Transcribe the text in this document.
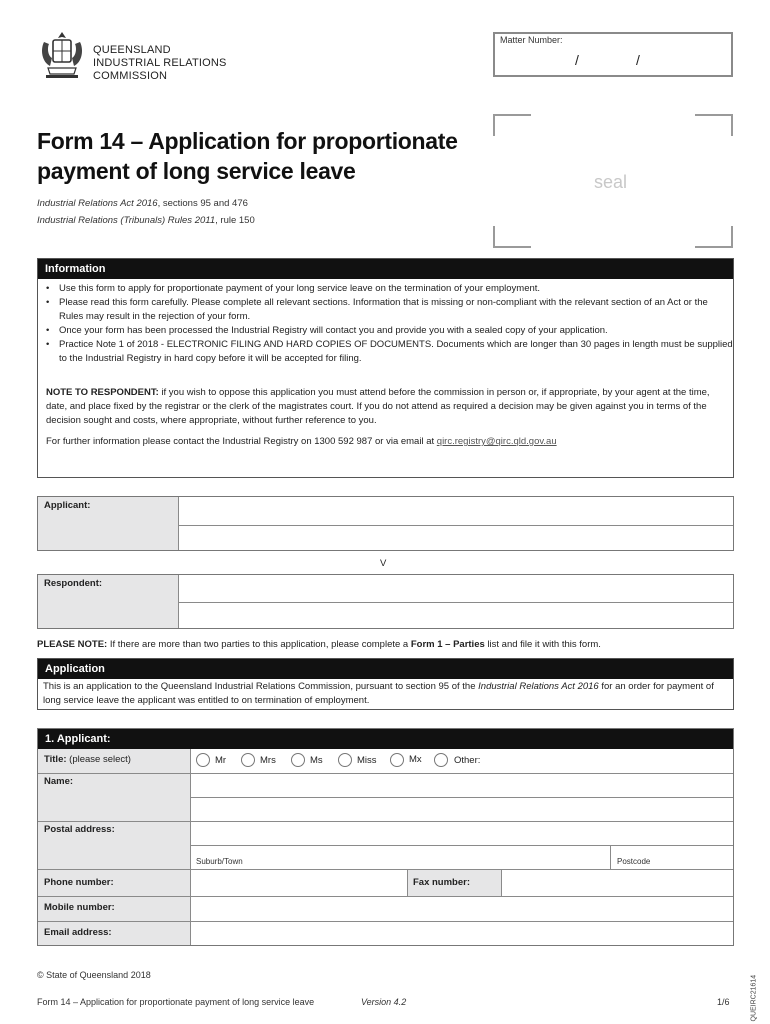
QUEENSLAND
INDUSTRIAL RELATIONS
COMMISSION
Matter Number:
/	/
Form 14 – Application for proportionate
payment of long service leave
Industrial Relations Act 2016, sections 95 and 476
Industrial Relations (Tribunals) Rules 2011, rule 150
seal
Information
• Use this form to apply for proportionate payment of your long service leave on the termination of your employment.
• Please read this form carefully. Please complete all relevant sections. Information that is missing or non-compliant with the relevant section of an Act or the Rules may result in the rejection of your form.
• Once your form has been processed the Industrial Registry will contact you and provide you with a sealed copy of your application.
• Practice Note 1 of 2018 - ELECTRONIC FILING AND HARD COPIES OF DOCUMENTS. Documents which are longer than 30 pages in length must be supplied to the Industrial Registry in hard copy before it will be accepted for filing.
NOTE TO RESPONDENT: if you wish to oppose this application you must attend before the commission in person or, if appropriate, by your agent at the time, date, and place fixed by the registrar or the clerk of the magistrates court. If you do not attend as required a decision may be given against you in terms of the decision sought and costs, where appropriate, without further reference to you.
For further information please contact the Industrial Registry on 1300 592 987 or via email at qirc.registry@qirc.qld.gov.au
Applicant:
V
Respondent:
PLEASE NOTE: If there are more than two parties to this application, please complete a Form 1 – Parties list and file it with this form.
Application
This is an application to the Queensland Industrial Relations Commission, pursuant to section 95 of the Industrial Relations Act 2016 for an order for payment of long service leave the applicant was entitled to on termination of employment.
1. Applicant:
Title: (please select)	Mr	Mrs	Ms	Miss	Mx	Other:
Name:
Postal address:
Suburb/Town	Postcode
Phone number:	Fax number:
Mobile number:
Email address:
© State of Queensland 2018
Form 14 – Application for proportionate payment of long service leave	Version 4.2	1/6	QUEIRC21614
